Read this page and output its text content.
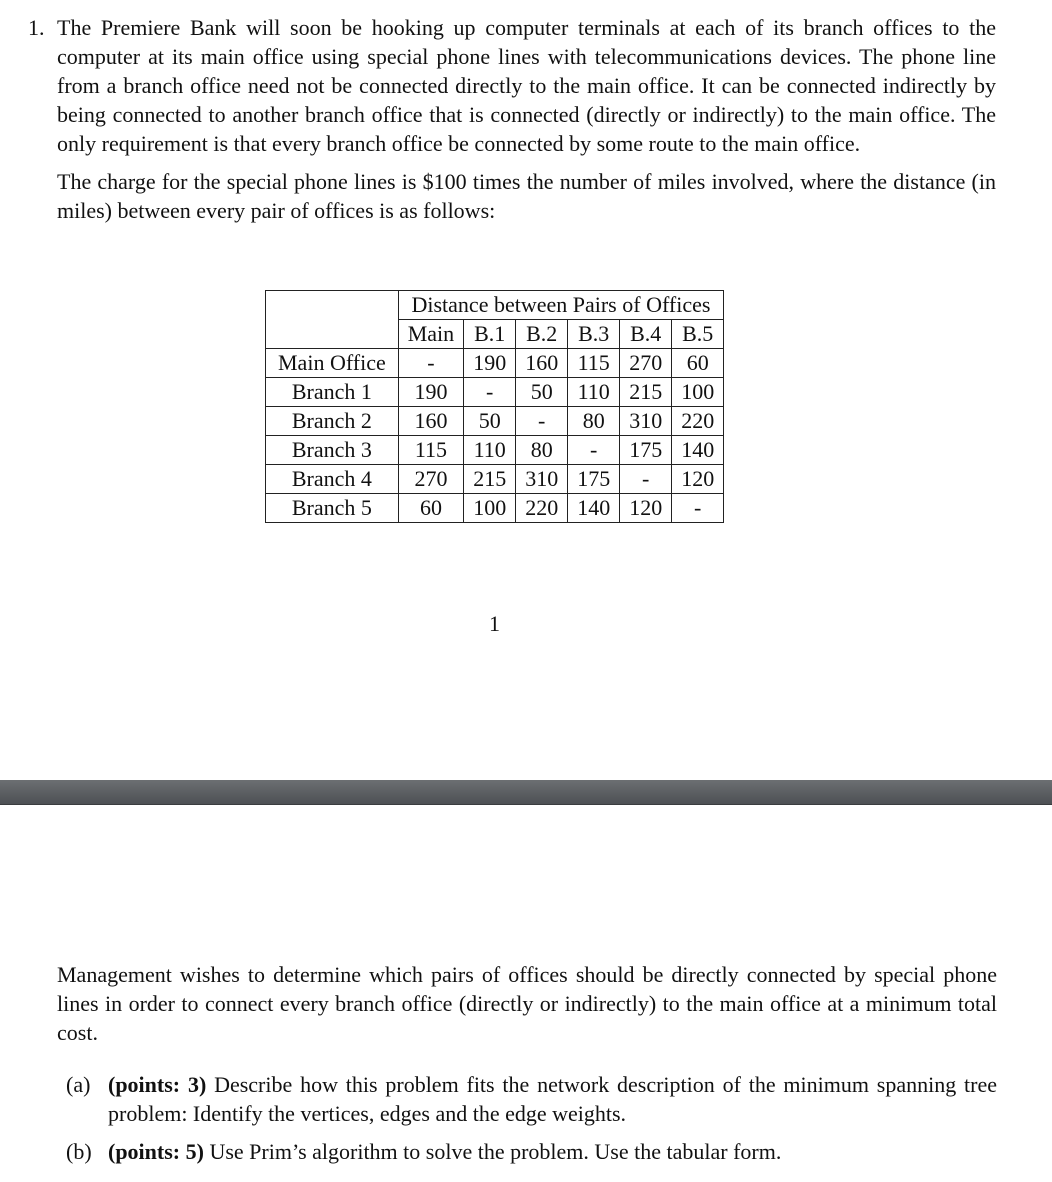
1. The Premiere Bank will soon be hooking up computer terminals at each of its branch offices to the computer at its main office using special phone lines with telecommunications devices. The phone line from a branch office need not be connected directly to the main office. It can be connected indirectly by being connected to another branch office that is connected (directly or indirectly) to the main office. The only requirement is that every branch office be connected by some route to the main office.
The charge for the special phone lines is $100 times the number of miles involved, where the distance (in miles) between every pair of offices is as follows:
	Distance between Pairs of Offices					
	Main	B.1	B.2	B.3	B.4	B.5
Main Office	-	190	160	115	270	60
Branch 1	190	-	50	110	215	100
Branch 2	160	50	-	80	310	220
Branch 3	115	110	80	-	175	140
Branch 4	270	215	310	175	-	120
Branch 5	60	100	220	140	120	-
1
Management wishes to determine which pairs of offices should be directly connected by special phone lines in order to connect every branch office (directly or indirectly) to the main office at a minimum total cost.
(a) (points: 3) Describe how this problem fits the network description of the minimum spanning tree problem: Identify the vertices, edges and the edge weights.
(b) (points: 5) Use Prim’s algorithm to solve the problem. Use the tabular form.
